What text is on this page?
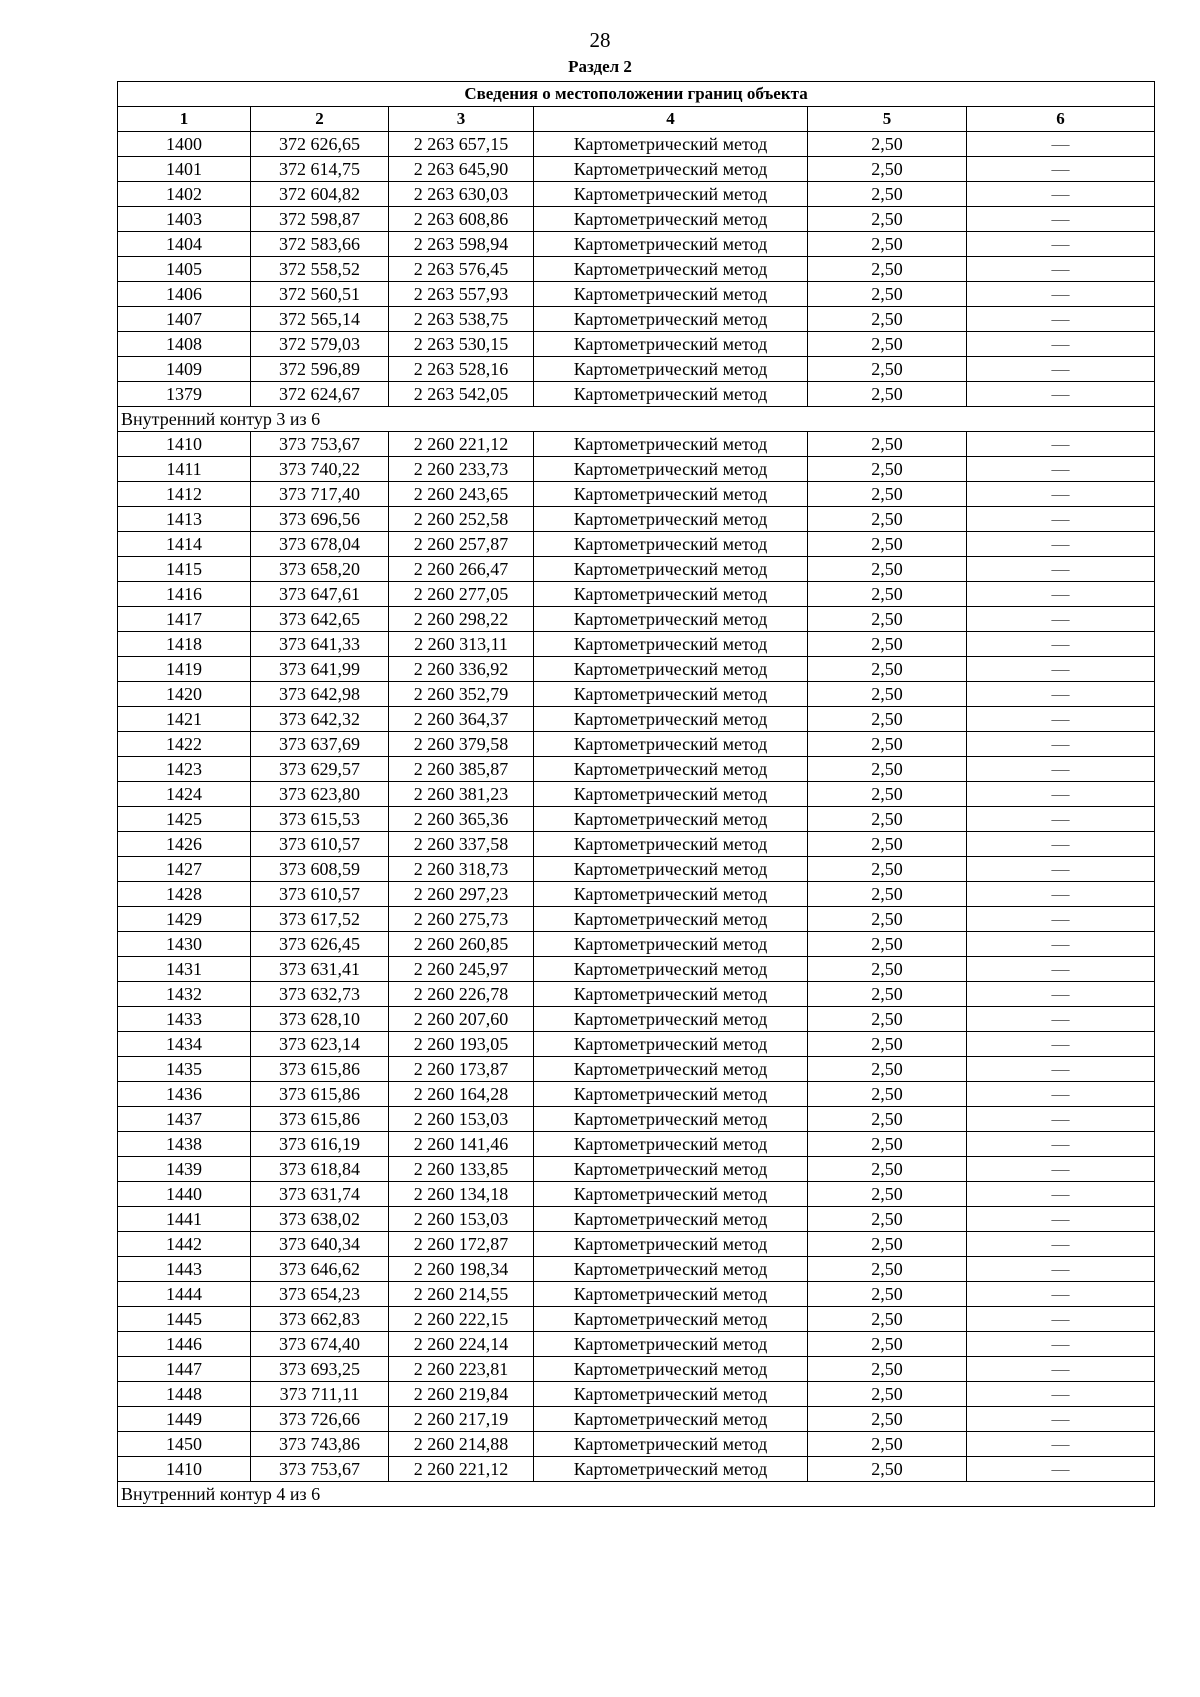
28
Раздел 2
Сведения о местоположении границ объекта					
1	2	3	4	5	6
1400	372 626,65	2 263 657,15	Картометрический метод	2,50	—
1401	372 614,75	2 263 645,90	Картометрический метод	2,50	—
1402	372 604,82	2 263 630,03	Картометрический метод	2,50	—
1403	372 598,87	2 263 608,86	Картометрический метод	2,50	—
1404	372 583,66	2 263 598,94	Картометрический метод	2,50	—
1405	372 558,52	2 263 576,45	Картометрический метод	2,50	—
1406	372 560,51	2 263 557,93	Картометрический метод	2,50	—
1407	372 565,14	2 263 538,75	Картометрический метод	2,50	—
1408	372 579,03	2 263 530,15	Картометрический метод	2,50	—
1409	372 596,89	2 263 528,16	Картометрический метод	2,50	—
1379	372 624,67	2 263 542,05	Картометрический метод	2,50	—
Внутренний контур 3 из 6					
1410	373 753,67	2 260 221,12	Картометрический метод	2,50	—
1411	373 740,22	2 260 233,73	Картометрический метод	2,50	—
1412	373 717,40	2 260 243,65	Картометрический метод	2,50	—
1413	373 696,56	2 260 252,58	Картометрический метод	2,50	—
1414	373 678,04	2 260 257,87	Картометрический метод	2,50	—
1415	373 658,20	2 260 266,47	Картометрический метод	2,50	—
1416	373 647,61	2 260 277,05	Картометрический метод	2,50	—
1417	373 642,65	2 260 298,22	Картометрический метод	2,50	—
1418	373 641,33	2 260 313,11	Картометрический метод	2,50	—
1419	373 641,99	2 260 336,92	Картометрический метод	2,50	—
1420	373 642,98	2 260 352,79	Картометрический метод	2,50	—
1421	373 642,32	2 260 364,37	Картометрический метод	2,50	—
1422	373 637,69	2 260 379,58	Картометрический метод	2,50	—
1423	373 629,57	2 260 385,87	Картометрический метод	2,50	—
1424	373 623,80	2 260 381,23	Картометрический метод	2,50	—
1425	373 615,53	2 260 365,36	Картометрический метод	2,50	—
1426	373 610,57	2 260 337,58	Картометрический метод	2,50	—
1427	373 608,59	2 260 318,73	Картометрический метод	2,50	—
1428	373 610,57	2 260 297,23	Картометрический метод	2,50	—
1429	373 617,52	2 260 275,73	Картометрический метод	2,50	—
1430	373 626,45	2 260 260,85	Картометрический метод	2,50	—
1431	373 631,41	2 260 245,97	Картометрический метод	2,50	—
1432	373 632,73	2 260 226,78	Картометрический метод	2,50	—
1433	373 628,10	2 260 207,60	Картометрический метод	2,50	—
1434	373 623,14	2 260 193,05	Картометрический метод	2,50	—
1435	373 615,86	2 260 173,87	Картометрический метод	2,50	—
1436	373 615,86	2 260 164,28	Картометрический метод	2,50	—
1437	373 615,86	2 260 153,03	Картометрический метод	2,50	—
1438	373 616,19	2 260 141,46	Картометрический метод	2,50	—
1439	373 618,84	2 260 133,85	Картометрический метод	2,50	—
1440	373 631,74	2 260 134,18	Картометрический метод	2,50	—
1441	373 638,02	2 260 153,03	Картометрический метод	2,50	—
1442	373 640,34	2 260 172,87	Картометрический метод	2,50	—
1443	373 646,62	2 260 198,34	Картометрический метод	2,50	—
1444	373 654,23	2 260 214,55	Картометрический метод	2,50	—
1445	373 662,83	2 260 222,15	Картометрический метод	2,50	—
1446	373 674,40	2 260 224,14	Картометрический метод	2,50	—
1447	373 693,25	2 260 223,81	Картометрический метод	2,50	—
1448	373 711,11	2 260 219,84	Картометрический метод	2,50	—
1449	373 726,66	2 260 217,19	Картометрический метод	2,50	—
1450	373 743,86	2 260 214,88	Картометрический метод	2,50	—
1410	373 753,67	2 260 221,12	Картометрический метод	2,50	—
Внутренний контур 4 из 6					
